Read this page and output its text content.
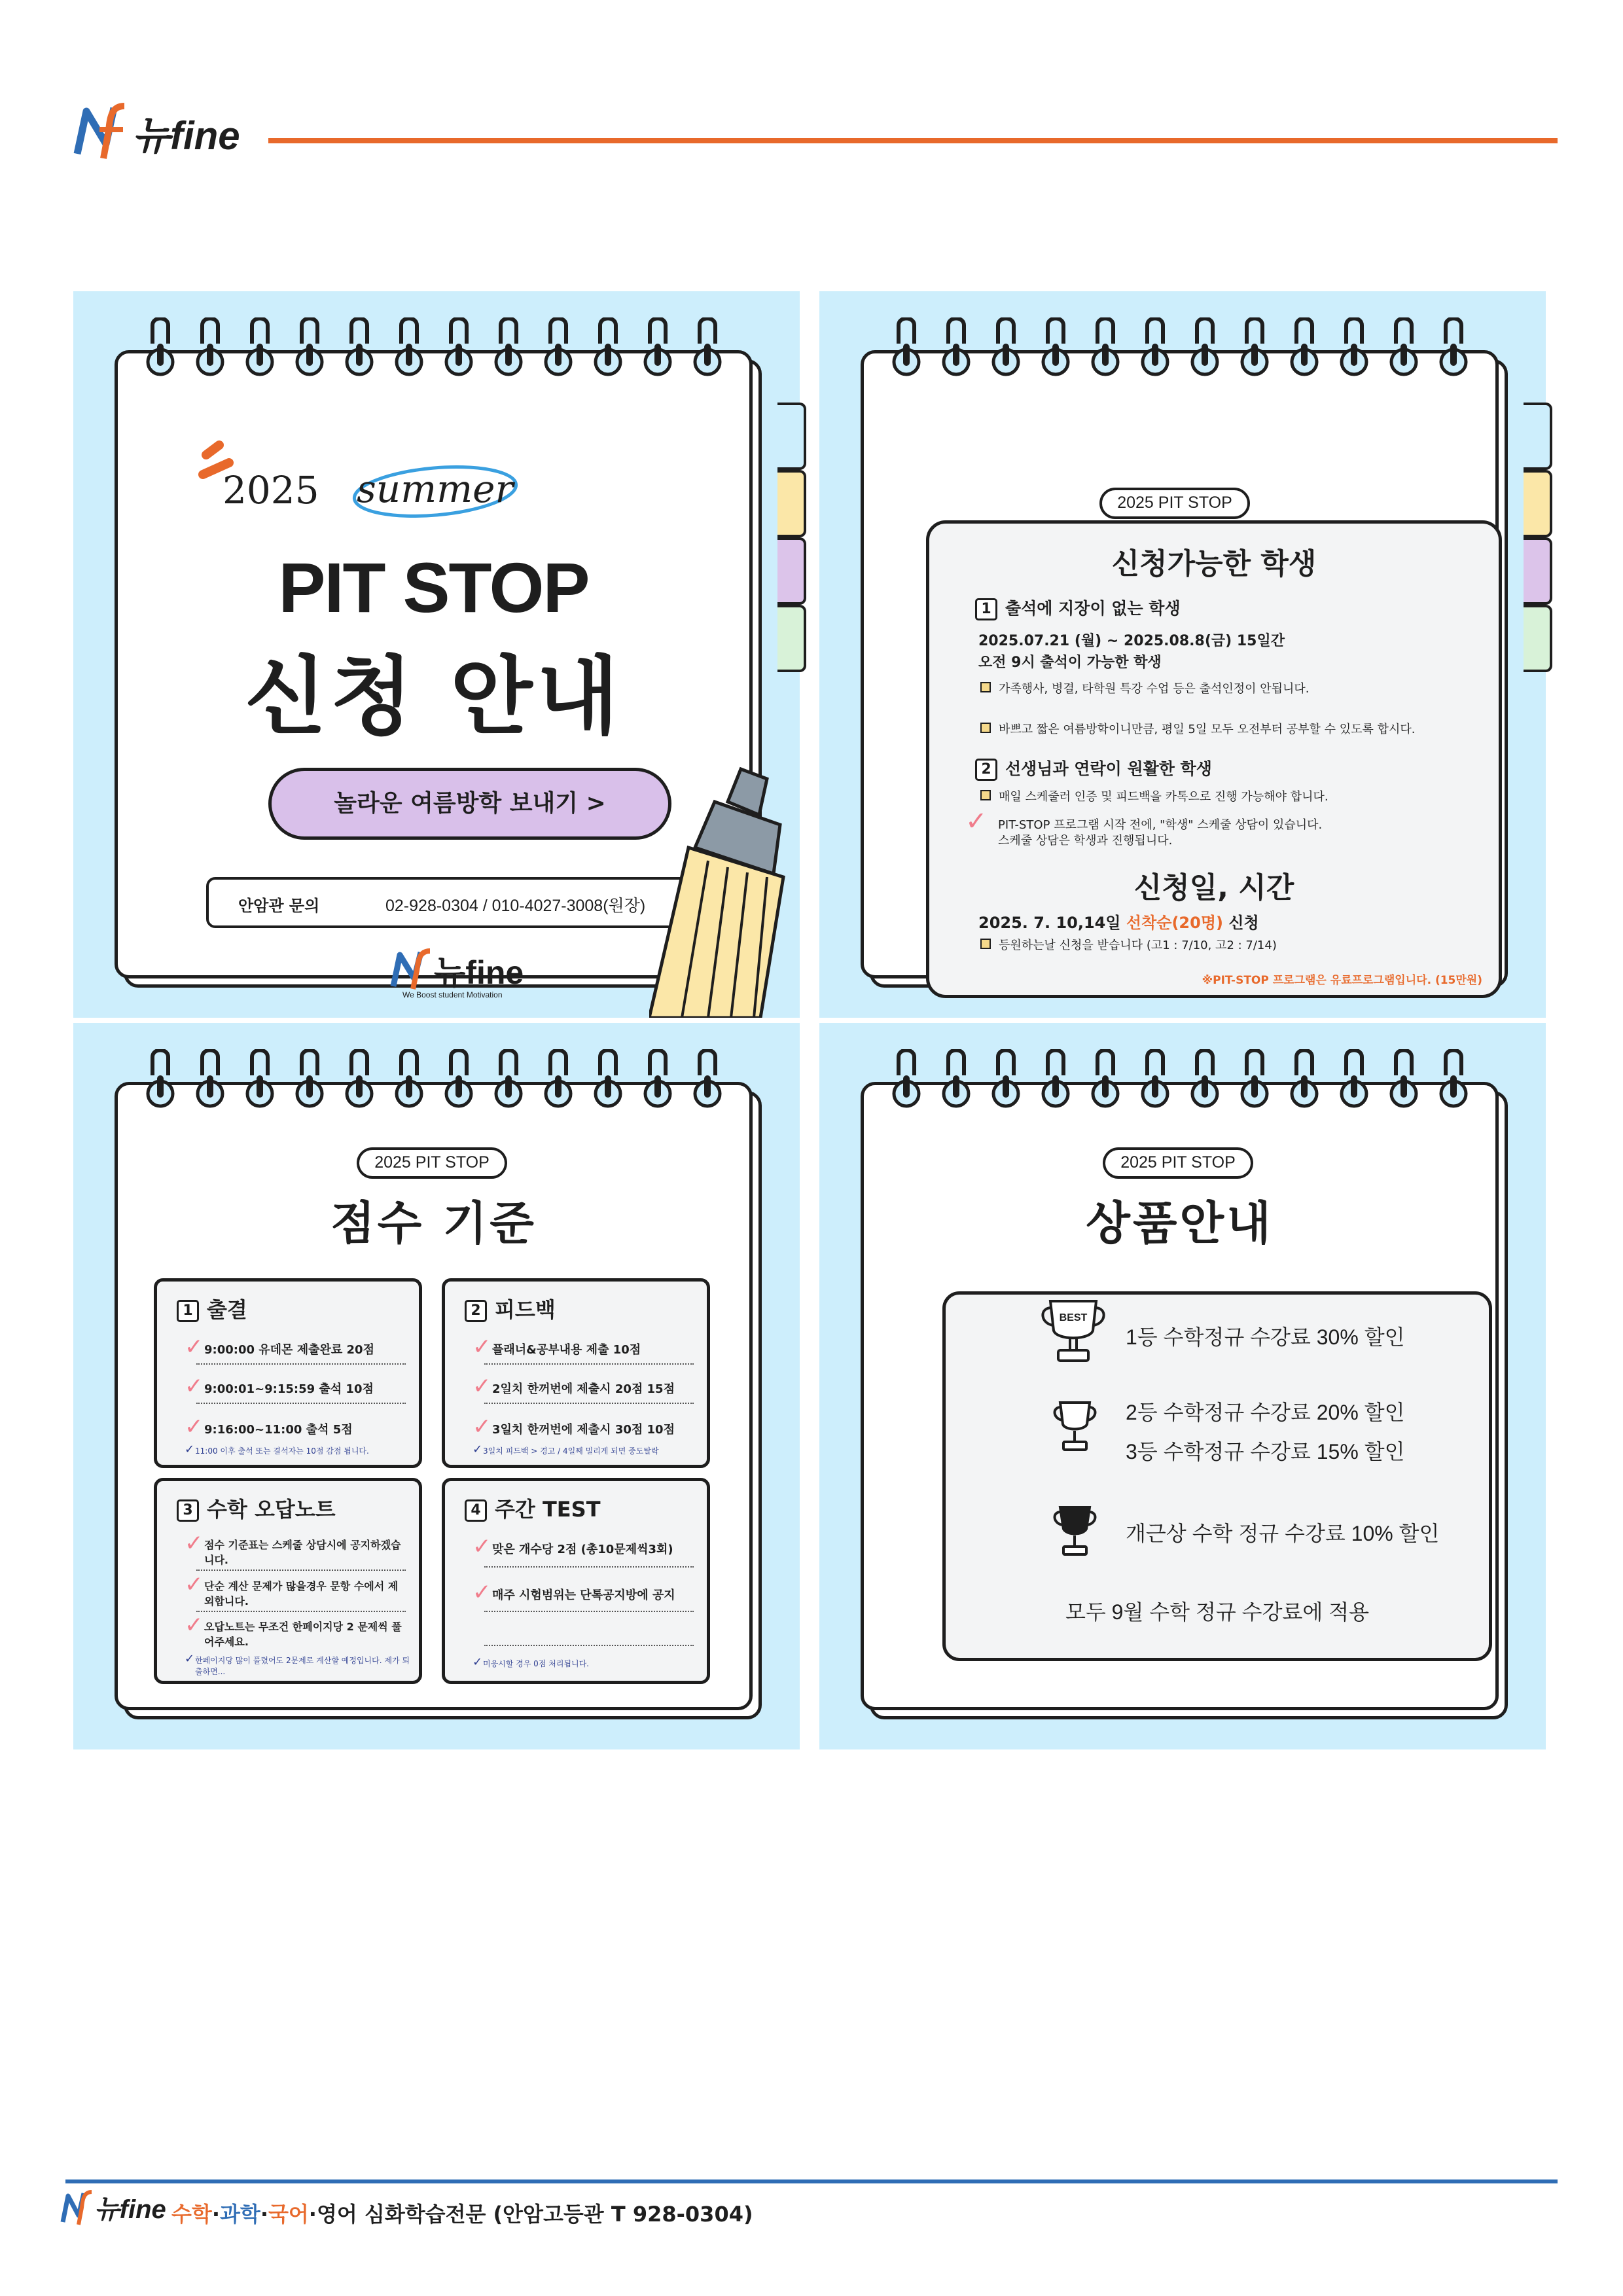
뉴fine
2025 summer
PIT STOP
신청 안내
놀라운 여름방학 보내기 >
안암관 문의	02-928-0304 / 010-4027-3008(원장)
뉴fine
We Boost student Motivation
2025 PIT STOP
신청가능한 학생
1 출석에 지장이 없는 학생
2025.07.21 (월) ~ 2025.08.8(금) 15일간
오전 9시 출석이 가능한 학생
가족행사, 병결, 타학원 특강 수업 등은 출석인정이 안됩니다.
바쁘고 짧은 여름방학이니만큼, 평일 5일 모두 오전부터 공부할 수 있도록 합시다.
2 선생님과 연락이 원활한 학생
매일 스케줄러 인증 및 피드백을 카톡으로 진행 가능해야 합니다.
✓ PIT-STOP 프로그램 시작 전에, "학생" 스케줄 상담이 있습니다.
스케줄 상담은 학생과 진행됩니다.
신청일, 시간
2025. 7. 10,14일 선착순(20명) 신청
등원하는날 신청을 받습니다 (고1 : 7/10, 고2 : 7/14)
※PIT-STOP 프로그램은 유료프로그램입니다. (15만원)
2025 PIT STOP
점수 기준
1 출결
✓ 9:00:00 유데몬 제출완료 20점
✓ 9:00:01~9:15:59 출석 10점
✓ 9:16:00~11:00 출석 5점
✓ 11:00 이후 출석 또는 결석자는 10점 감점 됩니다.
2 피드백
✓ 플래너&공부내용 제출 10점
✓ 2일치 한꺼번에 제출시 20점 15점
✓ 3일치 한꺼번에 제출시 30점 10점
✓ 3일치 피드백 > 경고 / 4일째 밀리게 되면 중도탈락
3 수학 오답노트
✓ 점수 기준표는 스케줄 상담시에 공지하겠습니다.
✓ 단순 계산 문제가 많을경우 문항 수에서 제외합니다.
✓ 오답노트는 무조건 한페이지당 2 문제씩 풀어주세요.
✓ 한페이지당 많이 풀렸어도 2문제로 계산할 예정입니다. 제가 퇴출하면...
4 주간 TEST
✓ 맞은 개수당 2점 (총10문제씩3회)
✓ 매주 시험범위는 단톡공지방에 공지
✓ 미응시할 경우 0점 처리됩니다.
2025 PIT STOP
상품안내
BEST
1등 수학정규 수강료 30% 할인
2등 수학정규 수강료 20% 할인
3등 수학정규 수강료 15% 할인
개근상 수학 정규 수강료 10% 할인
모두 9월 수학 정규 수강료에 적용
뉴fine 수학·과학·국어·영어 심화학습전문 (안암고등관 T 928-0304)
